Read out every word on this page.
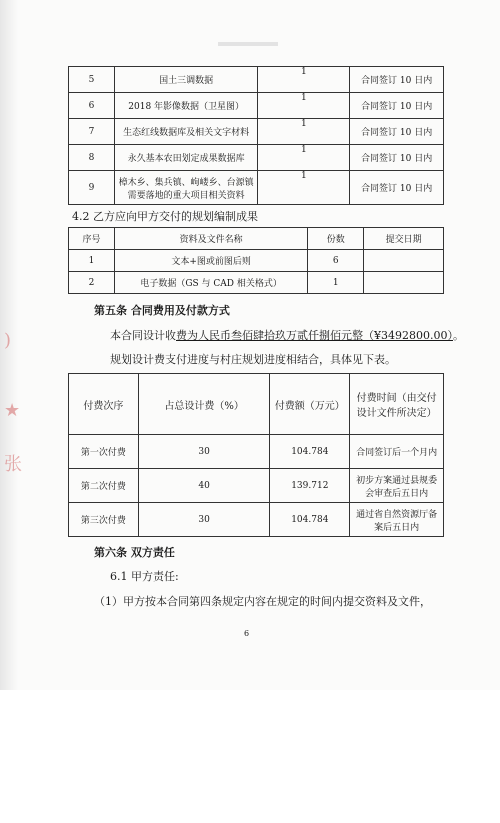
)
★
张
5	国土三调数据	1	合同签订 10 日内
6	2018 年影像数据（卫星图）	1	合同签订 10 日内
7	生态红线数据库及相关文字材料	1	合同签订 10 日内
8	永久基本农田划定成果数据库	1	合同签订 10 日内
9	樟木乡、集兵镇、岣嵝乡、台源镇需要落地的重大项目相关资料	1	合同签订 10 日内
4.2 乙方应向甲方交付的规划编制成果
序号	资料及文件名称	份数	提交日期
1	文本+图或前图后则	6	
2	电子数据（GS 与 CAD 相关格式）	1	
第五条 合同费用及付款方式
本合同设计收费为人民币叁佰肆拾玖万贰仟捌佰元整（¥3492800.00）。
规划设计费支付进度与村庄规划进度相结合，具体见下表。
付费次序	占总设计费（%）	付费额（万元）	付费时间（由交付设计文件所决定）
第一次付费	30	104.784	合同签订后一个月内
第二次付费	40	139.712	初步方案通过县规委会审查后五日内
第三次付费	30	104.784	通过省自然资源厅备案后五日内
第六条 双方责任
6.1 甲方责任:
（1）甲方按本合同第四条规定内容在规定的时间内提交资料及文件，
6
